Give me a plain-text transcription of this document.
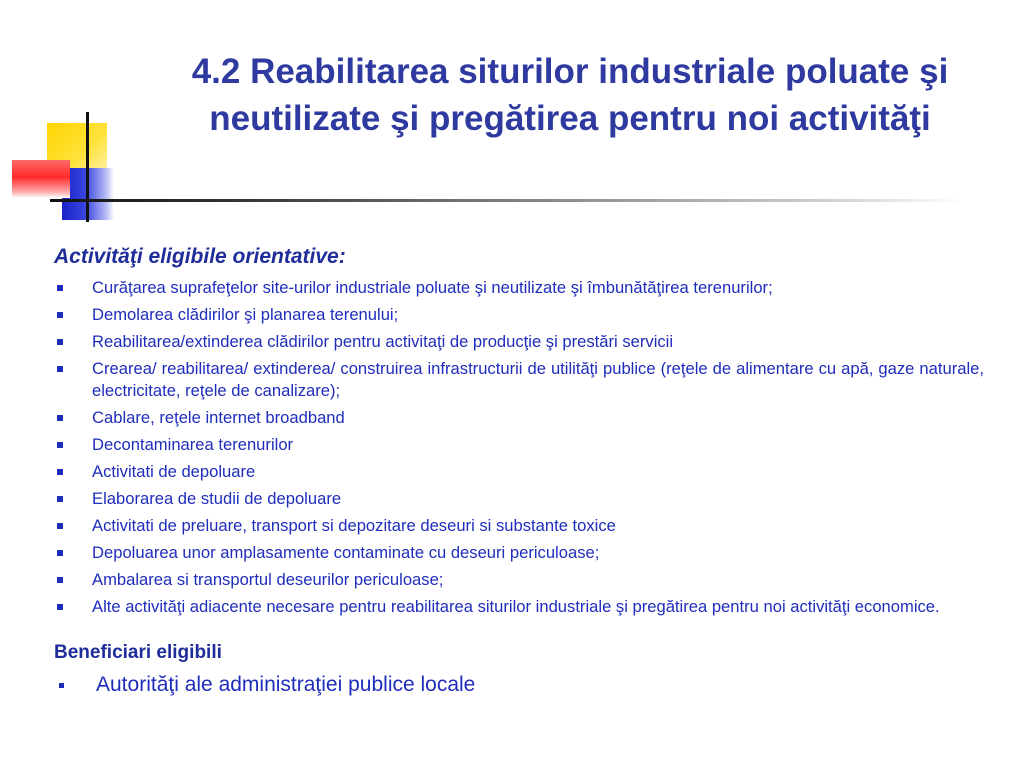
4.2 Reabilitarea siturilor industriale poluate şi neutilizate şi pregătirea pentru noi activităţi
Activităţi eligibile orientative:
Curăţarea suprafeţelor site-urilor industriale poluate şi neutilizate şi îmbunătăţirea terenurilor;
Demolarea clădirilor şi planarea terenului;
Reabilitarea/extinderea clădirilor pentru activitaţi de producţie şi prestări servicii
Crearea/ reabilitarea/ extinderea/ construirea infrastructurii de utilităţi publice (reţele de alimentare cu apă, gaze naturale, electricitate, reţele de canalizare);
Cablare, reţele internet broadband
Decontaminarea terenurilor
Activitati de depoluare
Elaborarea de studii de depoluare
Activitati de preluare, transport si depozitare deseuri si substante toxice
Depoluarea unor amplasamente contaminate cu deseuri periculoase;
Ambalarea si transportul deseurilor periculoase;
Alte activităţi adiacente necesare pentru reabilitarea siturilor industriale şi pregătirea pentru noi activităţi economice.
Beneficiari eligibili
Autorităţi ale administraţiei publice locale
